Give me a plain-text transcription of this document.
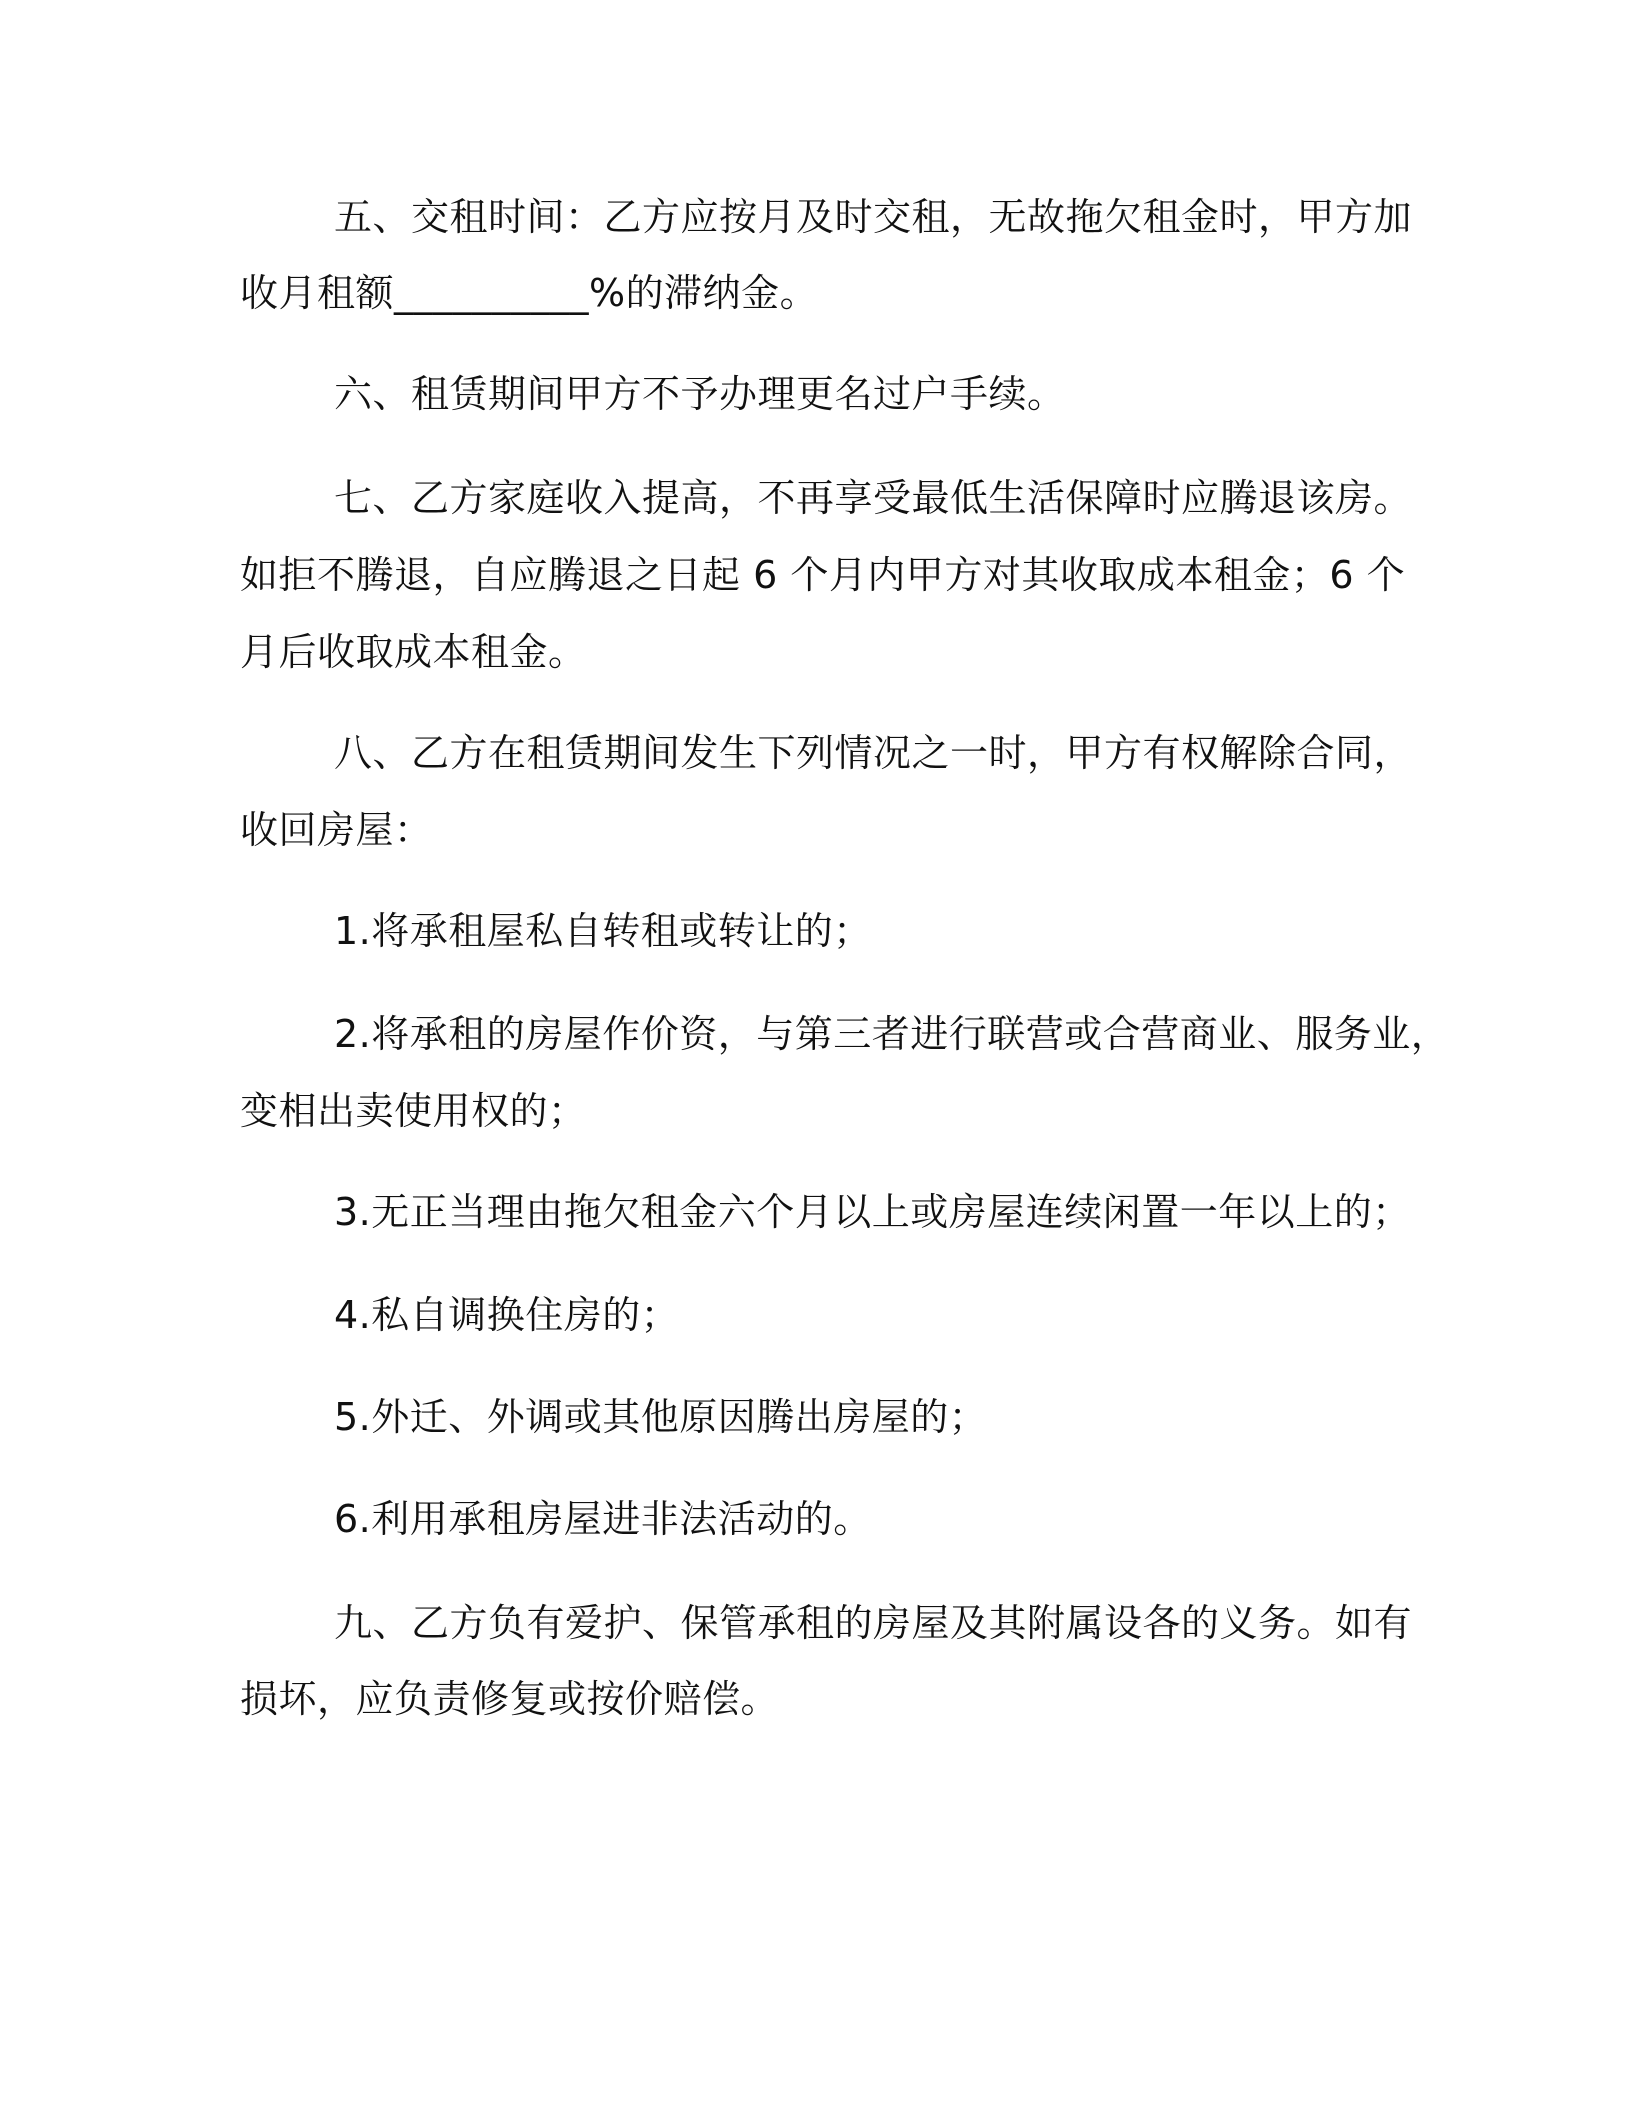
五、交租时间：乙方应按月及时交租，无故拖欠租金时，甲方加

收月租额__________%的滞纳金。

六、租赁期间甲方不予办理更名过户手续。

七、乙方家庭收入提高，不再享受最低生活保障时应腾退该房。

如拒不腾退，自应腾退之日起 6 个月内甲方对其收取成本租金；6 个

月后收取成本租金。

八、乙方在租赁期间发生下列情况之一时，甲方有权解除合同，

收回房屋：

1.将承租屋私自转租或转让的；

2.将承租的房屋作价资，与第三者进行联营或合营商业、服务业，

变相出卖使用权的；

3.无正当理由拖欠租金六个月以上或房屋连续闲置一年以上的；

4.私自调换住房的；

5.外迁、外调或其他原因腾出房屋的；

6.利用承租房屋进非法活动的。

九、乙方负有爱护、保管承租的房屋及其附属设各的义务。如有

损坏，应负责修复或按价赔偿。
